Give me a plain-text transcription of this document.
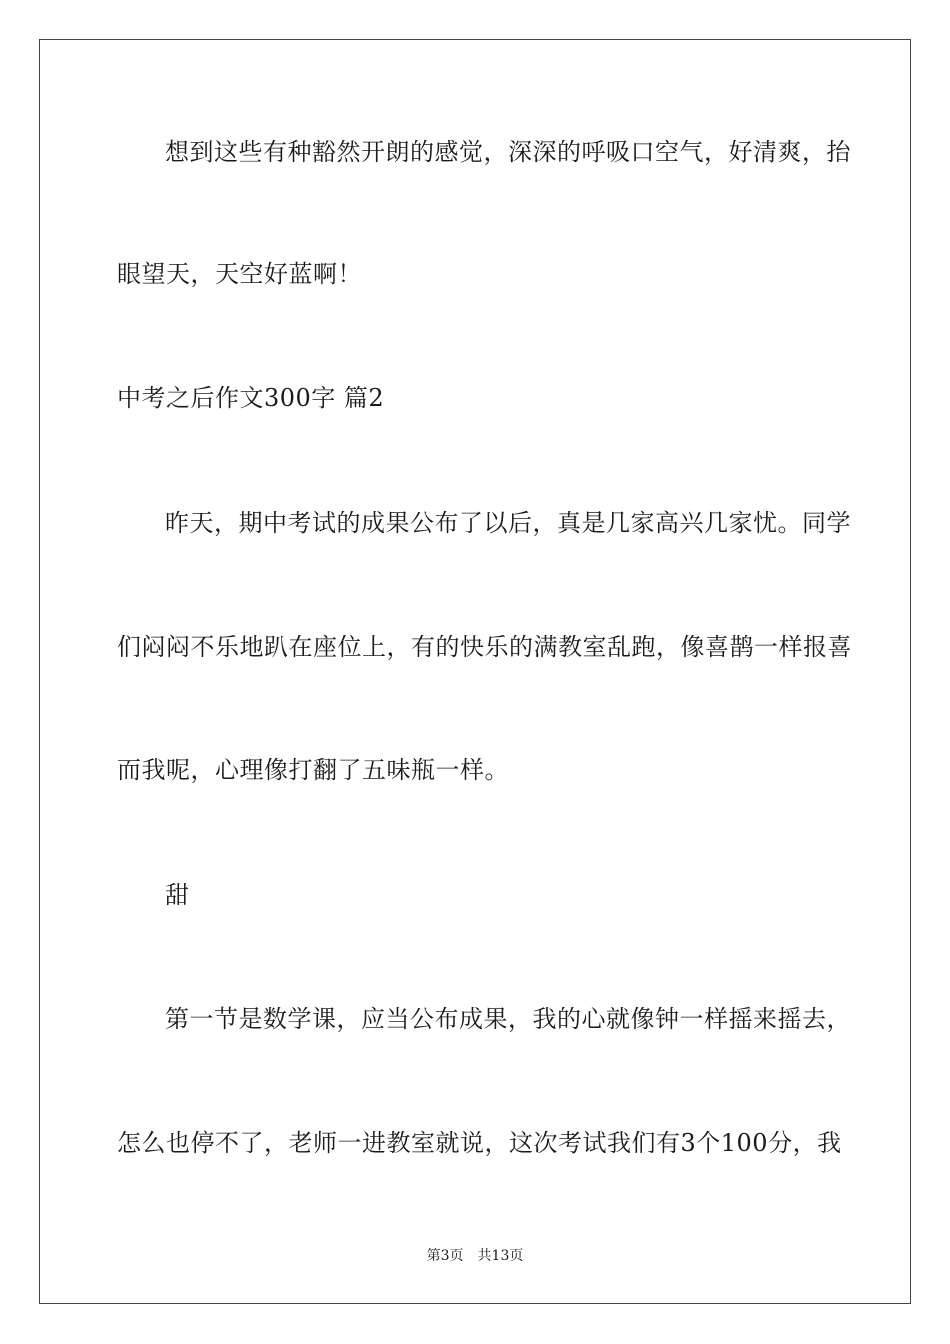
想到这些有种豁然开朗的感觉，深深的呼吸口空气，好清爽，抬
眼望天，天空好蓝啊！
中考之后作文300字 篇2
昨天，期中考试的成果公布了以后，真是几家高兴几家忧。同学
们闷闷不乐地趴在座位上，有的快乐的满教室乱跑，像喜鹊一样报喜
而我呢，心理像打翻了五味瓶一样。
甜
第一节是数学课，应当公布成果，我的心就像钟一样摇来摇去，
怎么也停不了，老师一进教室就说，这次考试我们有3个100分，我
第3页 共13页
